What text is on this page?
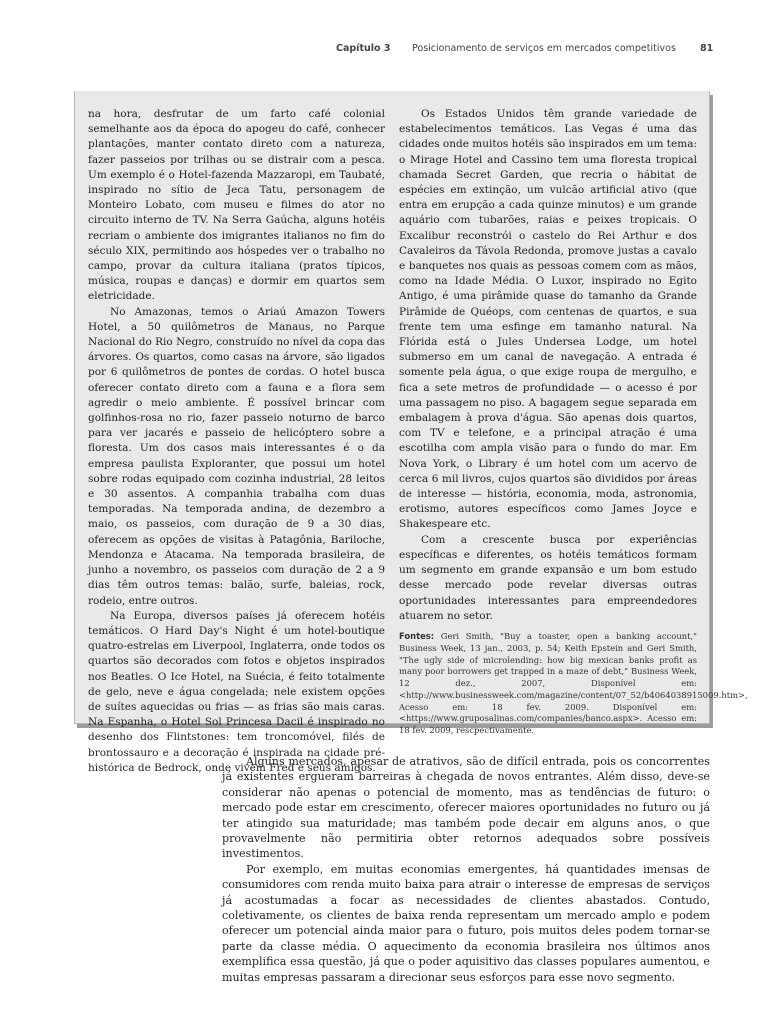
Capítulo 3 Posicionamento de serviços em mercados competitivos	81

na hora, desfrutar de um farto café colonial semelhante aos da época do apogeu do café, conhecer plantações, manter contato direto com a natureza, fazer passeios por trilhas ou se distrair com a pesca. Um exemplo é o Hotel-fazenda Mazzaropi, em Taubaté, inspirado no sítio de Jeca Tatu, personagem de Monteiro Lobato, com museu e filmes do ator no circuito interno de TV. Na Serra Gaúcha, alguns hotéis recriam o ambiente dos imigrantes italianos no fim do século XIX, permitindo aos hóspedes ver o trabalho no campo, provar da cultura italiana (pratos típicos, música, roupas e danças) e dormir em quartos sem eletricidade.

No Amazonas, temos o Ariaú Amazon Towers Hotel, a 50 quilômetros de Manaus, no Parque Nacional do Rio Negro, construído no nível da copa das árvores. Os quartos, como casas na árvore, são ligados por 6 quilômetros de pontes de cordas. O hotel busca oferecer contato direto com a fauna e a flora sem agredir o meio ambiente. É possível brincar com golfinhos-rosa no rio, fazer passeio noturno de barco para ver jacarés e passeio de helicóptero sobre a floresta. Um dos casos mais interessantes é o da empresa paulista Exploranter, que possui um hotel sobre rodas equipado com cozinha industrial, 28 leitos e 30 assentos. A companhia trabalha com duas temporadas. Na temporada andina, de dezembro a maio, os passeios, com duração de 9 a 30 dias, oferecem as opções de visitas à Patagônia, Bariloche, Mendonza e Atacama. Na temporada brasileira, de junho a novembro, os passeios com duração de 2 a 9 dias têm outros temas: balão, surfe, baleias, rock, rodeio, entre outros.

Na Europa, diversos países já oferecem hotéis temáticos. O Hard Day's Night é um hotel-boutique quatro-estrelas em Liverpool, Inglaterra, onde todos os quartos são decorados com fotos e objetos inspirados nos Beatles. O Ice Hotel, na Suécia, é feito totalmente de gelo, neve e água congelada; nele existem opções de suítes aquecidas ou frias — as frias são mais caras. Na Espanha, o Hotel Sol Princesa Dacil é inspirado no desenho dos Flintstones: tem troncomóvel, filés de brontossauro e a decoração é inspirada na cidade pré-histórica de Bedrock, onde vivem Fred e seus amigos.

Os Estados Unidos têm grande variedade de estabelecimentos temáticos. Las Vegas é uma das cidades onde muitos hotéis são inspirados em um tema: o Mirage Hotel and Cassino tem uma floresta tropical chamada Secret Garden, que recria o hábitat de espécies em extinção, um vulcão artificial ativo (que entra em erupção a cada quinze minutos) e um grande aquário com tubarões, raias e peixes tropicais. O Excalibur reconstrói o castelo do Rei Arthur e dos Cavaleiros da Távola Redonda, promove justas a cavalo e banquetes nos quais as pessoas comem com as mãos, como na Idade Média. O Luxor, inspirado no Egito Antigo, é uma pirâmide quase do tamanho da Grande Pirâmide de Quéops, com centenas de quartos, e sua frente tem uma esfinge em tamanho natural. Na Flórida está o Jules Undersea Lodge, um hotel submerso em um canal de navegação. A entrada é somente pela água, o que exige roupa de mergulho, e fica a sete metros de profundidade — o acesso é por uma passagem no piso. A bagagem segue separada em embalagem à prova d'água. São apenas dois quartos, com TV e telefone, e a principal atração é uma escotilha com ampla visão para o fundo do mar. Em Nova York, o Library é um hotel com um acervo de cerca 6 mil livros, cujos quartos são divididos por áreas de interesse — história, economia, moda, astronomia, erotismo, autores específicos como James Joyce e Shakespeare etc.

Com a crescente busca por experiências específicas e diferentes, os hotéis temáticos formam um segmento em grande expansão e um bom estudo desse mercado pode revelar diversas outras oportunidades interessantes para empreendedores atuarem no setor.

Fontes: Geri Smith, "Buy a toaster, open a banking account," Business Week, 13 jan., 2003, p. 54; Keith Epstein and Geri Smith, "The ugly side of microlending: how big mexican banks profit as many poor borrowers get trapped in a maze of debt," Business Week, 12 dez., 2007, Disponível em: <http://www.businessweek.com/magazine/content/07_52/b4064038915009.htm>, Acesso em: 18 fev. 2009. Disponível em: <https://www.gruposalinas.com/companies/banco.aspx>. Acesso em: 18 fev. 2009, rescpectivamente.

Alguns mercados, apesar de atrativos, são de difícil entrada, pois os concorrentes já existentes ergueram barreiras à chegada de novos entrantes. Além disso, deve-se considerar não apenas o potencial de momento, mas as tendências de futuro: o mercado pode estar em crescimento, oferecer maiores oportunidades no futuro ou já ter atingido sua maturidade; mas também pode decair em alguns anos, o que provavelmente não permitiria obter retornos adequados sobre possíveis investimentos.

Por exemplo, em muitas economias emergentes, há quantidades imensas de consumidores com renda muito baixa para atrair o interesse de empresas de serviços já acostumadas a focar as necessidades de clientes abastados. Contudo, coletivamente, os clientes de baixa renda representam um mercado amplo e podem oferecer um potencial ainda maior para o futuro, pois muitos deles podem tornar-se parte da classe média. O aquecimento da economia brasileira nos últimos anos exemplifica essa questão, já que o poder aquisitivo das classes populares aumentou, e muitas empresas passaram a direcionar seus esforços para esse novo segmento.
